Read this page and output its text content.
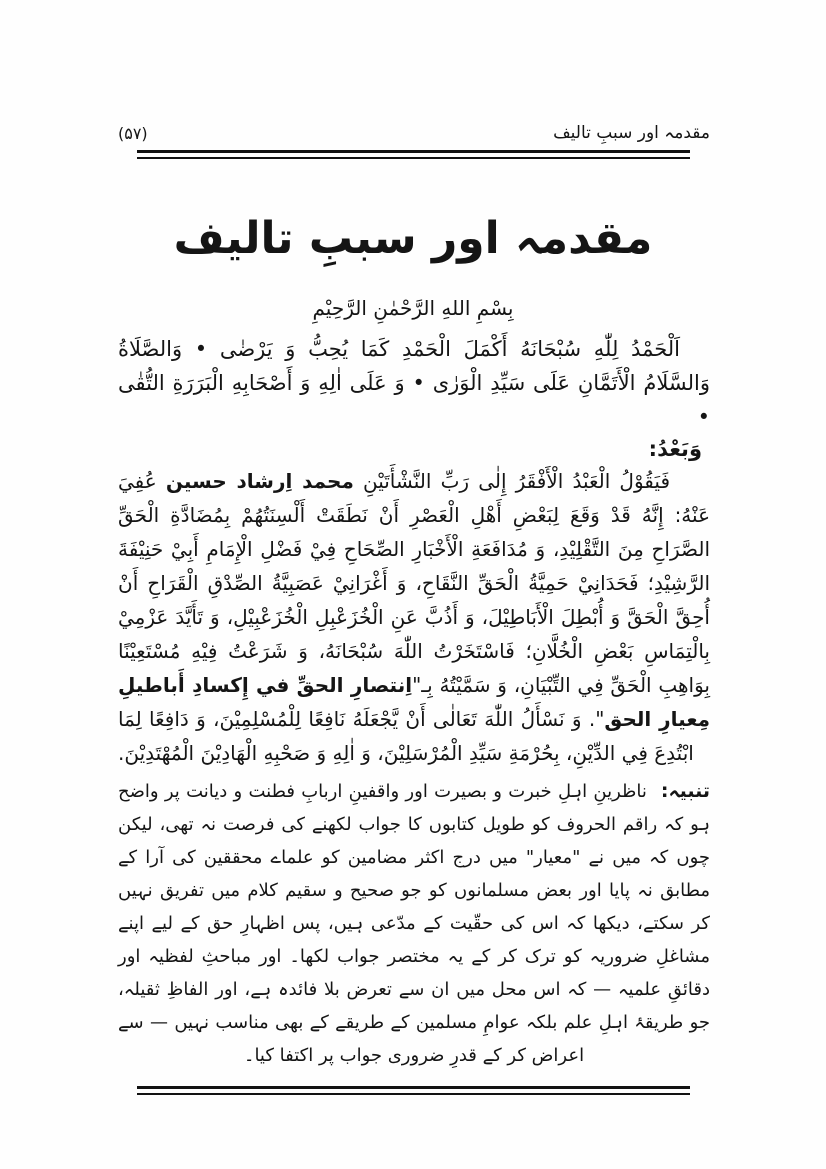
(۵۷)	مقدمہ اور سببِ تالیف
مقدمہ اور سببِ تالیف
بِسْمِ اللهِ الرَّحْمٰنِ الرَّحِيْمِ

اَلْحَمْدُ لِلّٰهِ سُبْحَانَهُ أَكْمَلَ الْحَمْدِ كَمَا يُحِبُّ وَ يَرْضٰى • وَالصَّلَاةُ وَالسَّلَامُ الْأَتَمَّانِ عَلَى سَيِّدِ الْوَرٰى • وَ عَلَى اٰلِهِ وَ أَصْحَابِهِ الْبَرَرَةِ التُّقٰى •

وَبَعْدُ:

فَيَقُوْلُ الْعَبْدُ الْأَفْقَرُ إِلٰى رَبِّ النَّشْأَتَيْنِ محمد اِرشاد حسين عُفِيَ عَنْهُ: إِنَّهُ قَدْ وَقَعَ لِبَعْضِ أَهْلِ الْعَصْرِ أَنْ نَطَقَتْ أَلْسِنَتُهُمْ بِمُضَادَّةِ الْحَقِّ الصَّرَاحِ مِنَ التَّقْلِيْدِ، وَ مُدَافَعَةِ الْأَخْبَارِ الصِّحَاحِ فِيْ فَضْلِ الْإِمَامِ أَبِيْ حَنِيْفَةَ الرَّشِيْدِ؛ فَحَدَانِيْ حَمِيَّةُ الْحَقِّ النَّقَاحِ، وَ أَغْرَانِيْ عَصَبِيَّةُ الصِّدْقِ الْقَرَاحِ أَنْ أُحِقَّ الْحَقَّ وَ أُبْطِلَ الْأَبَاطِيْلَ، وَ أَذُبَّ عَنِ الْخُزَعْبِلِ الْخُزَعْبِيْلِ، وَ تَأَيَّدَ عَزْمِيْ بِالْتِمَاسِ بَعْضِ الْخُلَّانِ؛ فَاسْتَخَرْتُ اللّٰهَ سُبْحَانَهُ، وَ شَرَعْتُ فِيْهِ مُسْتَعِيْنًا بِوَاهِبِ الْحَقِّ فِي التِّبْيَانِ، وَ سَمَّيْتُهُ بِـ"اِنتصارِ الحقِّ في إِكسادِ أَباطيلِ مِعيارِ الحق". وَ نَسْأَلُ اللّٰهَ تَعَالٰى أَنْ يَّجْعَلَهُ نَافِعًا لِلْمُسْلِمِيْنَ، وَ دَافِعًا لِمَا ابْتُدِعَ فِي الدِّيْنِ، بِحُرْمَةِ سَيِّدِ الْمُرْسَلِيْنَ، وَ اٰلِهِ وَ صَحْبِهِ الْهَادِيْنَ الْمُهْتَدِيْنَ.

تنبیہ:ناظرینِ اہلِ خبرت و بصیرت اور واقفینِ اربابِ فطنت و دیانت پر واضح ہو کہ راقم الحروف کو طویل کتابوں کا جواب لکھنے کی فرصت نہ تھی، لیکن چوں کہ میں نے "معیار" میں درج اکثر مضامین کو علماے محققین کی آرا کے مطابق نہ پایا اور بعض مسلمانوں کو جو صحیح و سقیم کلام میں تفریق نہیں کر سکتے، دیکھا کہ اس کی حقّیت کے مدّعی ہیں، پس اظہارِ حق کے لیے اپنے مشاغلِ ضروریہ کو ترک کر کے یہ مختصر جواب لکھا۔ اور مباحثِ لفظیہ اور دقائقِ علمیہ — کہ اس محل میں ان سے تعرض بلا فائدہ ہے، اور الفاظِ ثقیلہ، جو طریقۂ اہلِ علم بلکہ عوامِ مسلمین کے طریقے کے بھی مناسب نہیں — سے اعراض کر کے قدرِ ضروری جواب پر اکتفا کیا۔
